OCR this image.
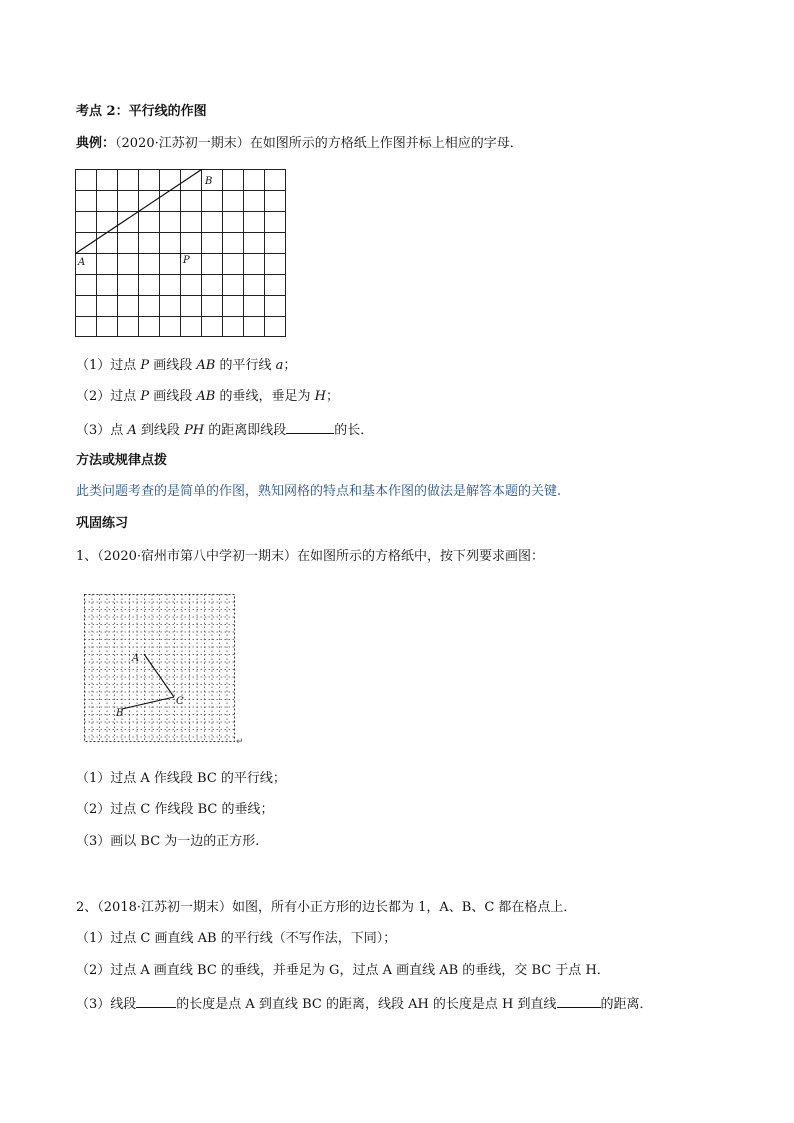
考点 2：平行线的作图
典例：（2020·江苏初一期末）在如图所示的方格纸上作图并标上相应的字母．
A
B
P
（1）过点 P 画线段 AB 的平行线 a；
（2）过点 P 画线段 AB 的垂线，垂足为 H；
（3）点 A 到线段 PH 的距离即线段	的长．
方法或规律点拨
此类问题考查的是简单的作图，熟知网格的特点和基本作图的做法是解答本题的关键.
巩固练习
1、（2020·宿州市第八中学初一期末）在如图所示的方格纸中，按下列要求画图：
A
B
C
↵
（1）过点 A 作线段 BC 的平行线；
（2）过点 C 作线段 BC 的垂线；
（3）画以 BC 为一边的正方形.
2、（2018·江苏初一期末）如图，所有小正方形的边长都为 1，A、B、C 都在格点上．
（1）过点 C 画直线 AB 的平行线（不写作法，下同）；
（2）过点 A 画直线 BC 的垂线，并垂足为 G，过点 A 画直线 AB 的垂线，交 BC 于点 H．
（3）线段	的长度是点 A 到直线 BC 的距离，线段 AH 的长度是点 H 到直线	的距离．
